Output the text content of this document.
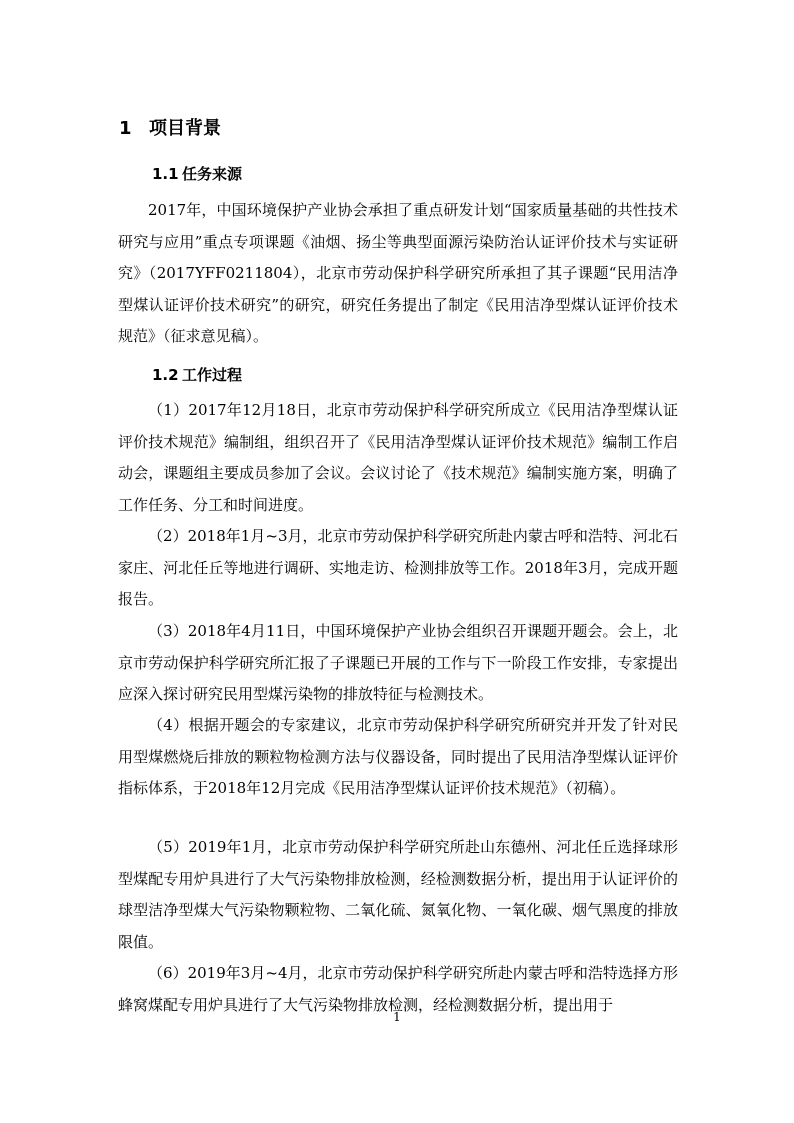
1 项目背景
1.1 任务来源

2017年，中国环境保护产业协会承担了重点研发计划“国家质量基础的共性技术研究与应用”重点专项课题《油烟、扬尘等典型面源污染防治认证评价技术与实证研究》（2017YFF0211804），北京市劳动保护科学研究所承担了其子课题“民用洁净型煤认证评价技术研究”的研究，研究任务提出了制定《民用洁净型煤认证评价技术规范》（征求意见稿）。

1.2 工作过程

（1）2017年12月18日，北京市劳动保护科学研究所成立《民用洁净型煤认证评价技术规范》编制组，组织召开了《民用洁净型煤认证评价技术规范》编制工作启动会，课题组主要成员参加了会议。会议讨论了《技术规范》编制实施方案，明确了工作任务、分工和时间进度。

（2）2018年1月~3月，北京市劳动保护科学研究所赴内蒙古呼和浩特、河北石家庄、河北任丘等地进行调研、实地走访、检测排放等工作。2018年3月，完成开题报告。

（3）2018年4月11日，中国环境保护产业协会组织召开课题开题会。会上，北京市劳动保护科学研究所汇报了子课题已开展的工作与下一阶段工作安排，专家提出应深入探讨研究民用型煤污染物的排放特征与检测技术。

（4）根据开题会的专家建议，北京市劳动保护科学研究所研究并开发了针对民用型煤燃烧后排放的颗粒物检测方法与仪器设备，同时提出了民用洁净型煤认证评价指标体系，于2018年12月完成《民用洁净型煤认证评价技术规范》（初稿）。

（5）2019年1月，北京市劳动保护科学研究所赴山东德州、河北任丘选择球形型煤配专用炉具进行了大气污染物排放检测，经检测数据分析，提出用于认证评价的球型洁净型煤大气污染物颗粒物、二氧化硫、氮氧化物、一氧化碳、烟气黑度的排放限值。

（6）2019年3月~4月，北京市劳动保护科学研究所赴内蒙古呼和浩特选择方形蜂窝煤配专用炉具进行了大气污染物排放检测，经检测数据分析，提出用于

1
